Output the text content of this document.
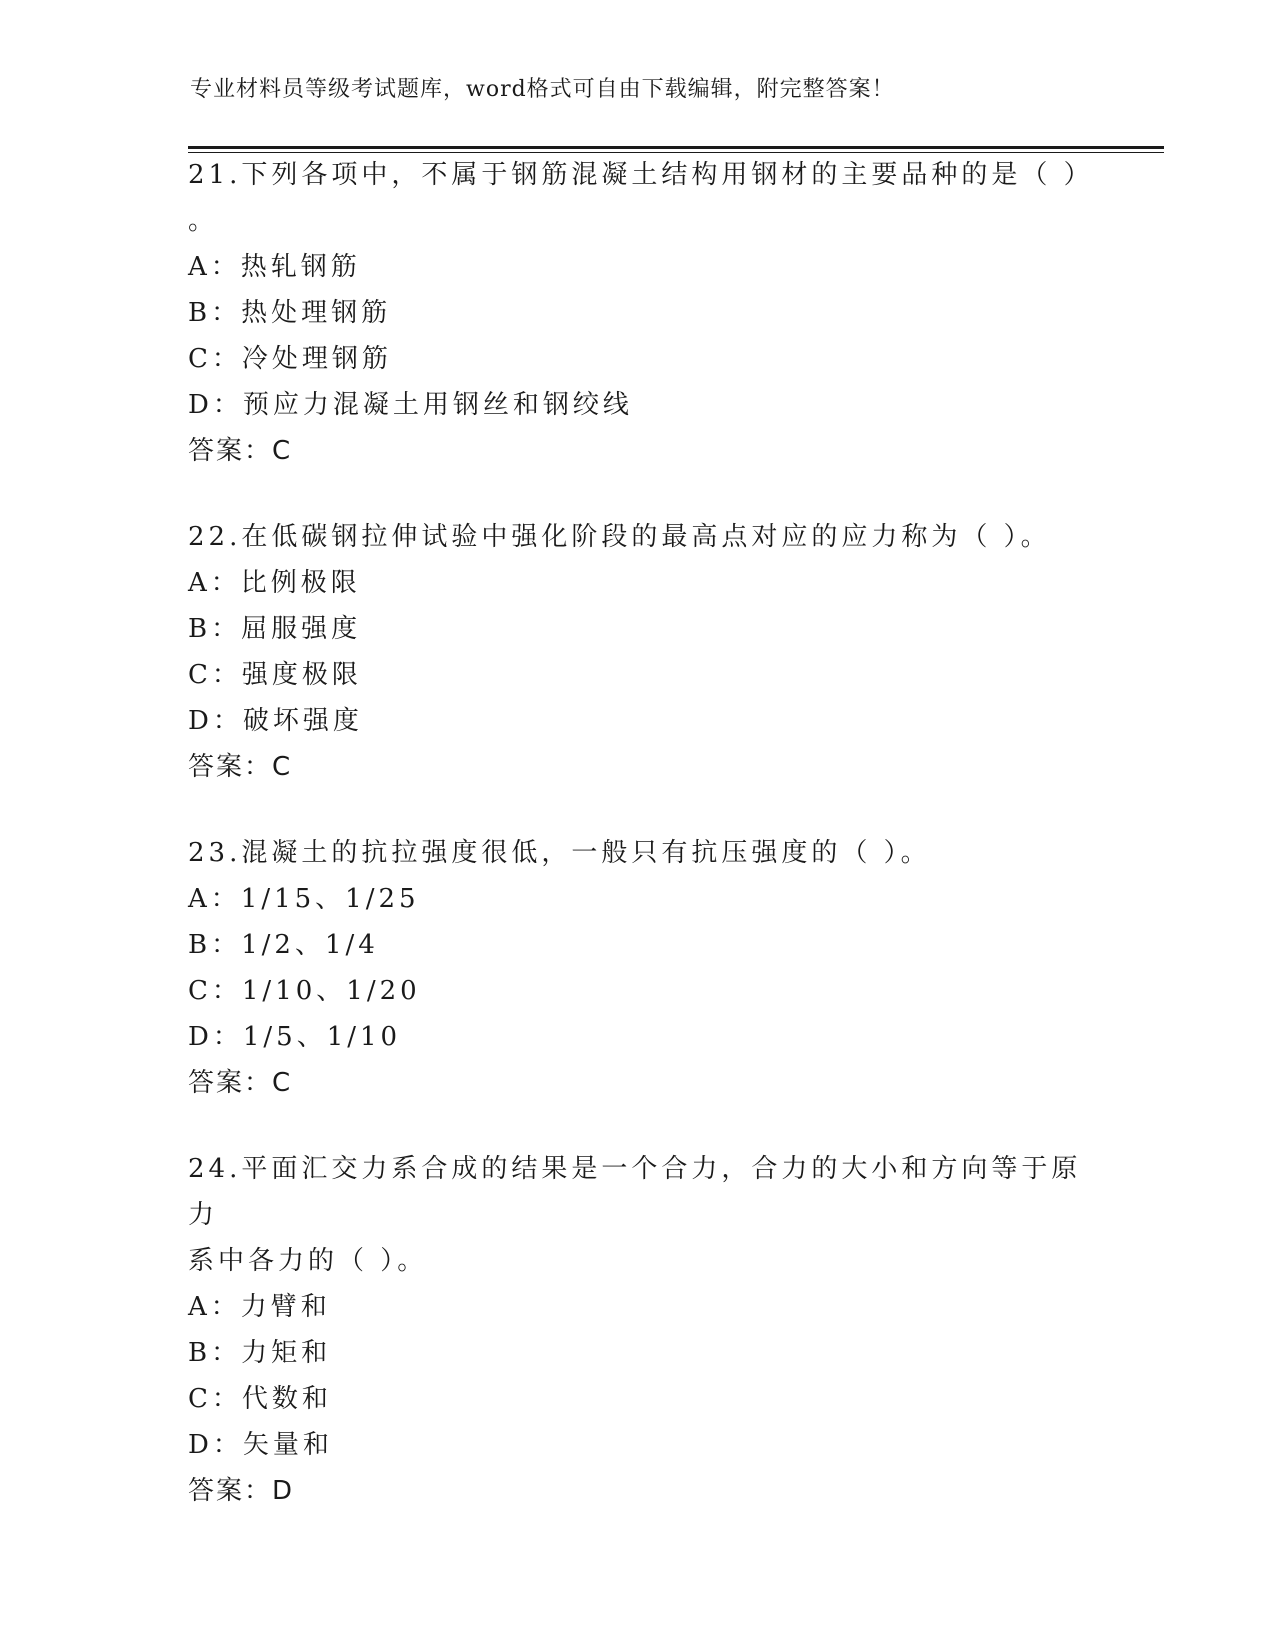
专业材料员等级考试题库，word格式可自由下载编辑，附完整答案！
21.下列各项中，不属于钢筋混凝土结构用钢材的主要品种的是（ ）
。
A：热轧钢筋
B：热处理钢筋
C：冷处理钢筋
D：预应力混凝土用钢丝和钢绞线
答案：C
22.在低碳钢拉伸试验中强化阶段的最高点对应的应力称为（ ）。
A：比例极限
B：屈服强度
C：强度极限
D：破坏强度
答案：C
23.混凝土的抗拉强度很低，一般只有抗压强度的（ ）。
A：1/15、1/25
B：1/2、1/4
C：1/10、1/20
D：1/5、1/10
答案：C
24.平面汇交力系合成的结果是一个合力，合力的大小和方向等于原力
系中各力的（ ）。
A：力臂和
B：力矩和
C：代数和
D：矢量和
答案：D
